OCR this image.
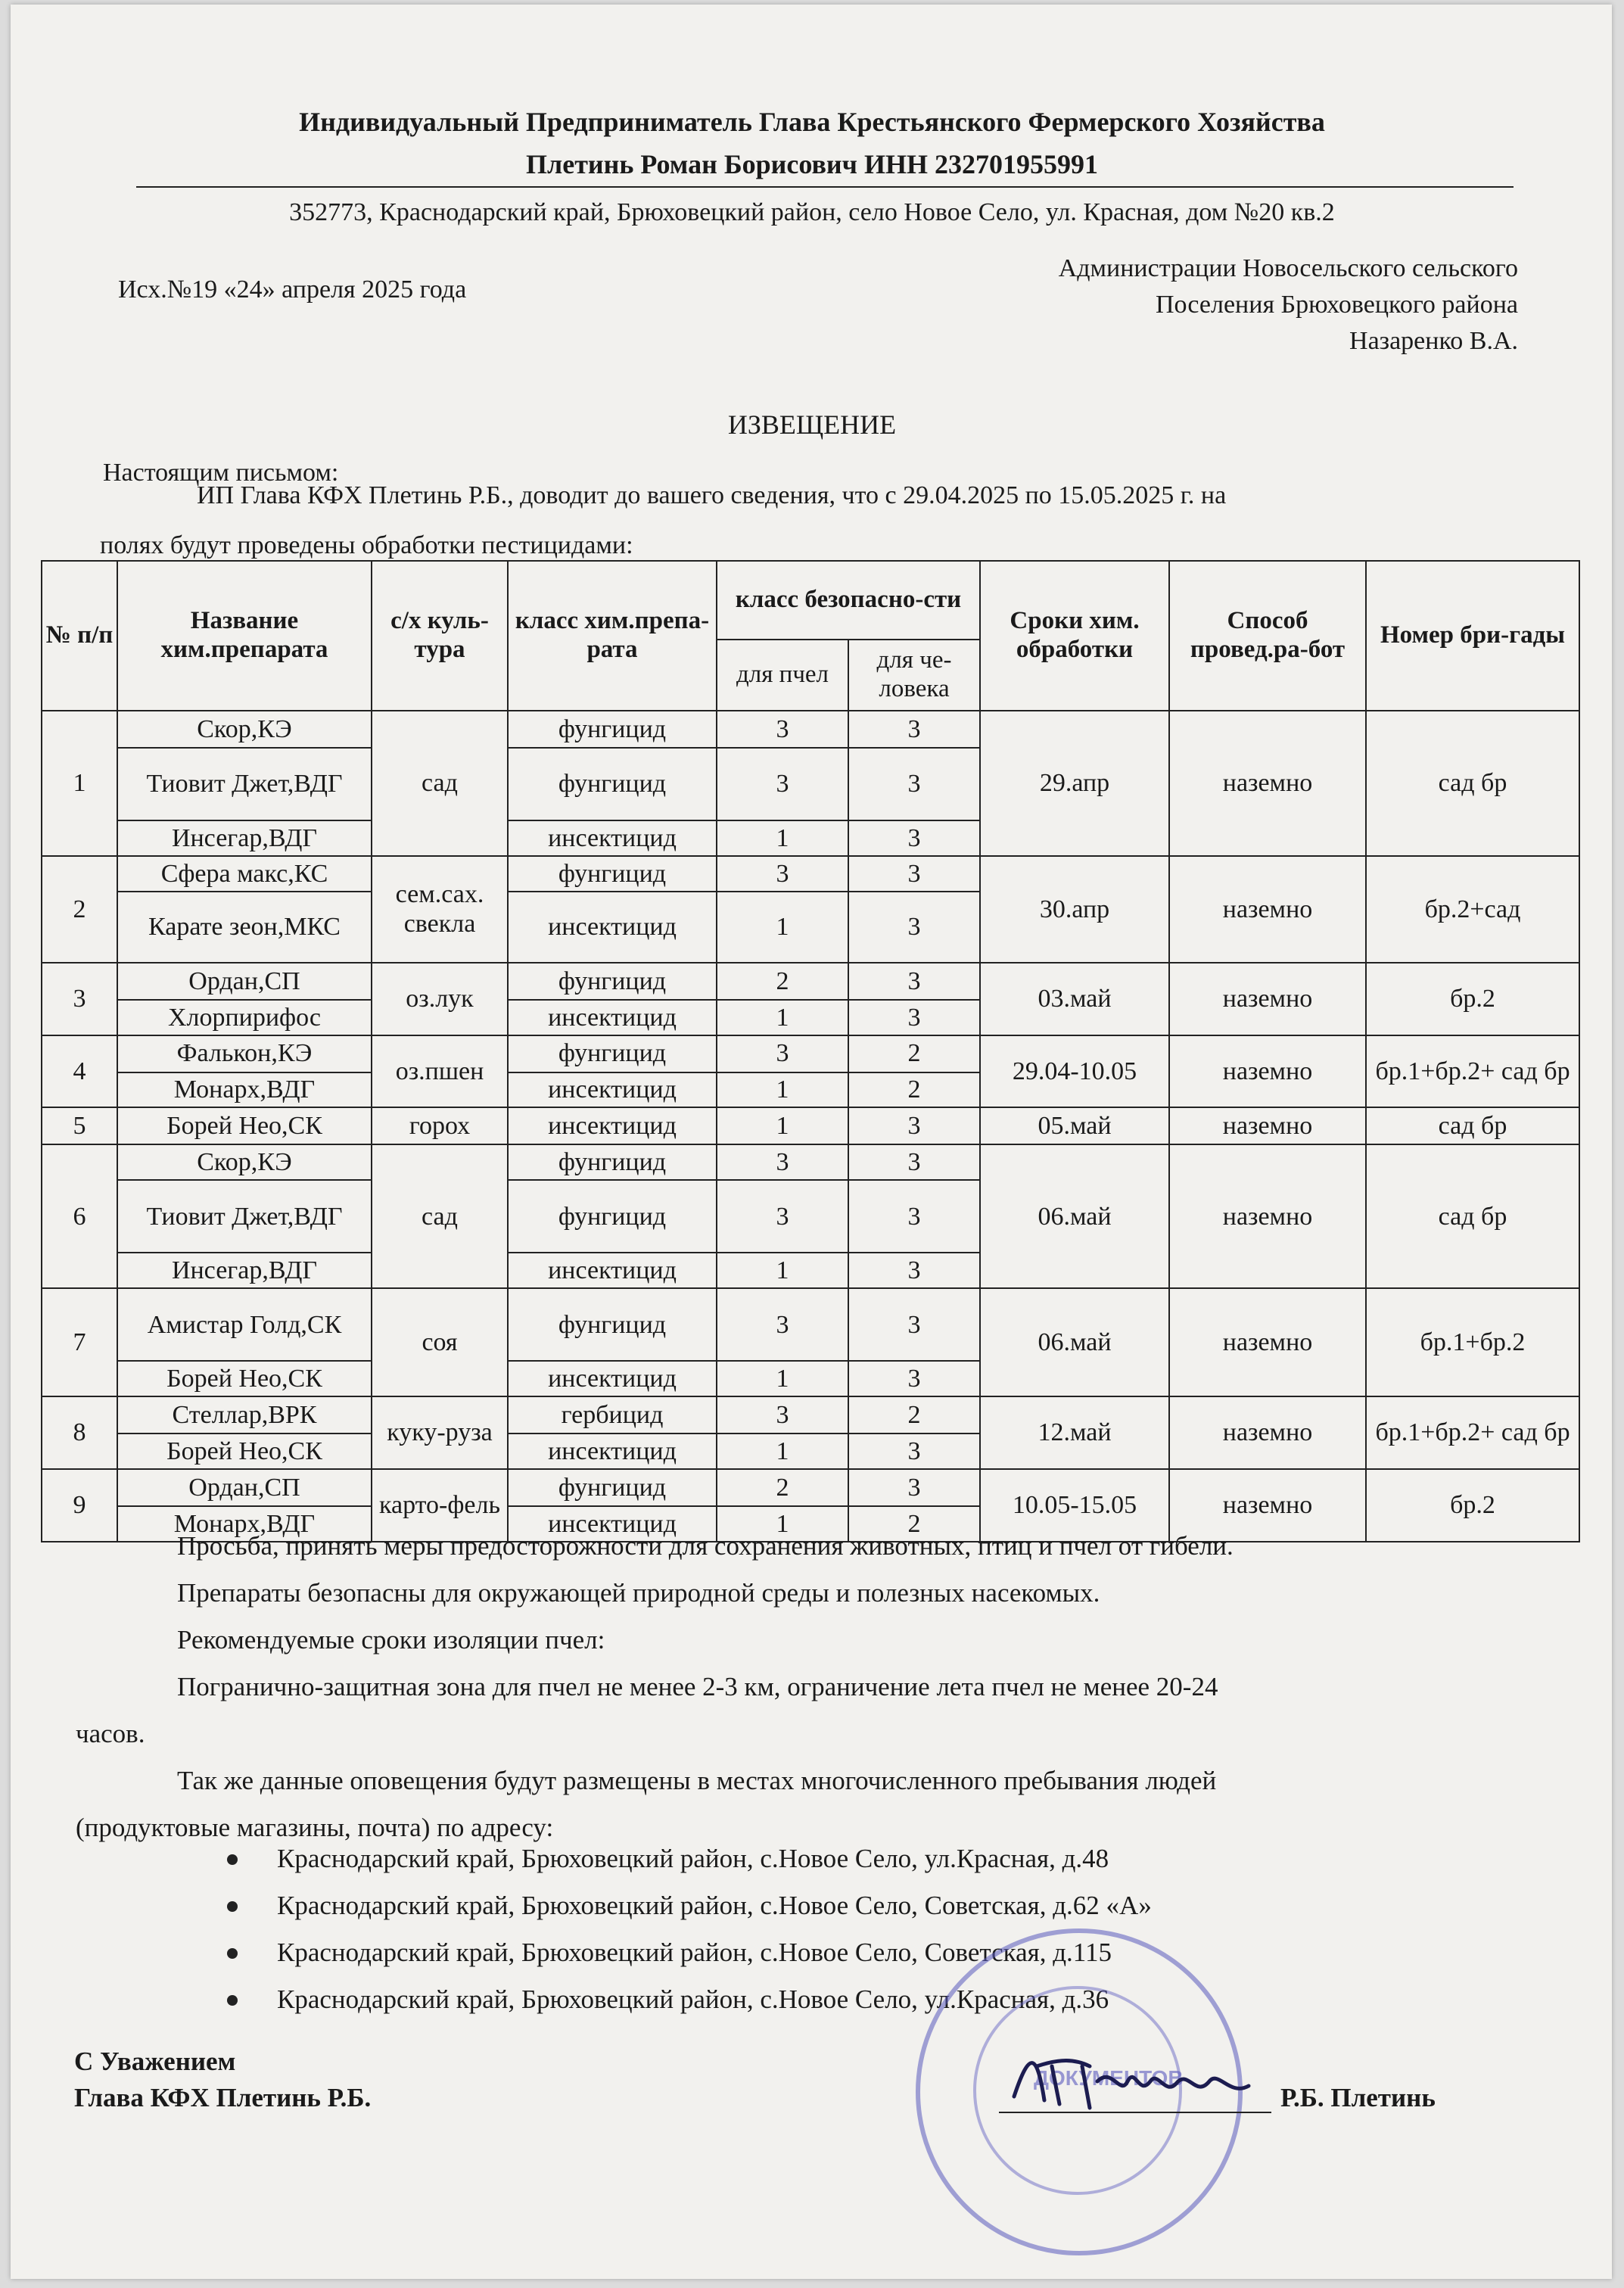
Индивидуальный Предприниматель Глава Крестьянского Фермерского Хозяйства
Плетинь Роман Борисович ИНН 232701955991
352773, Краснодарский край, Брюховецкий район, село Новое Село, ул. Красная, дом №20 кв.2
Исх.№19 «24» апреля 2025 года
Администрации Новосельского сельского
Поселения Брюховецкого района
Назаренко В.А.
ИЗВЕЩЕНИЕ
Настоящим письмом:
ИП Глава КФХ Плетинь Р.Б., доводит до вашего сведения, что с 29.04.2025 по 15.05.2025 г. на
полях будут проведены обработки пестицидами:
№ п/п	Название хим.препарата	с/х куль-тура	класс хим.препа-рата	класс безопасно-сти		Сроки хим. обработки	Способ провед.ра-бот	Номер бри-гады
				для пчел	для че-ловека			
1	Скор,КЭ	сад	фунгицид	3	3	29.апр	наземно	сад бр
	Тиовит Джет,ВДГ		фунгицид	3	3			
	Инсегар,ВДГ		инсектицид	1	3			
2	Сфера макс,КС	сем.сах. свекла	фунгицид	3	3	30.апр	наземно	бр.2+сад
	Карате зеон,МКС		инсектицид	1	3			
3	Ордан,СП	оз.лук	фунгицид	2	3	03.май	наземно	бр.2
	Хлорпирифос		инсектицид	1	3			
4	Фалькон,КЭ	оз.пшен	фунгицид	3	2	29.04-10.05	наземно	бр.1+бр.2+ сад бр
	Монарх,ВДГ		инсектицид	1	2			
5	Борей Нео,СК	горох	инсектицид	1	3	05.май	наземно	сад бр
6	Скор,КЭ	сад	фунгицид	3	3	06.май	наземно	сад бр
	Тиовит Джет,ВДГ		фунгицид	3	3			
	Инсегар,ВДГ		инсектицид	1	3			
7	Амистар Голд,СК	соя	фунгицид	3	3	06.май	наземно	бр.1+бр.2
	Борей Нео,СК		инсектицид	1	3			
8	Стеллар,ВРК	куку-руза	гербицид	3	2	12.май	наземно	бр.1+бр.2+ сад бр
	Борей Нео,СК		инсектицид	1	3			
9	Ордан,СП	карто-фель	фунгицид	2	3	10.05-15.05	наземно	бр.2
	Монарх,ВДГ		инсектицид	1	2			
Просьба, принять меры предосторожности для сохранения животных, птиц и пчел от гибели.
Препараты безопасны для окружающей природной среды и полезных насекомых.
Рекомендуемые сроки изоляции пчел:
Погранично-защитная зона для пчел не менее 2-3 км, ограничение лета пчел не менее 20-24
часов.
Так же данные оповещения будут размещены в местах многочисленного пребывания людей
(продуктовые магазины, почта) по адресу:
Краснодарский край, Брюховецкий район, с.Новое Село, ул.Красная, д.48
Краснодарский край, Брюховецкий район, с.Новое Село, Советская, д.62 «А»
Краснодарский край, Брюховецкий район, с.Новое Село, Советская, д.115
Краснодарский край, Брюховецкий район, с.Новое Село, ул.Красная, д.36
ДОКУМЕНТОВ
С Уважением
Глава КФХ Плетинь Р.Б.	Р.Б. Плетинь
